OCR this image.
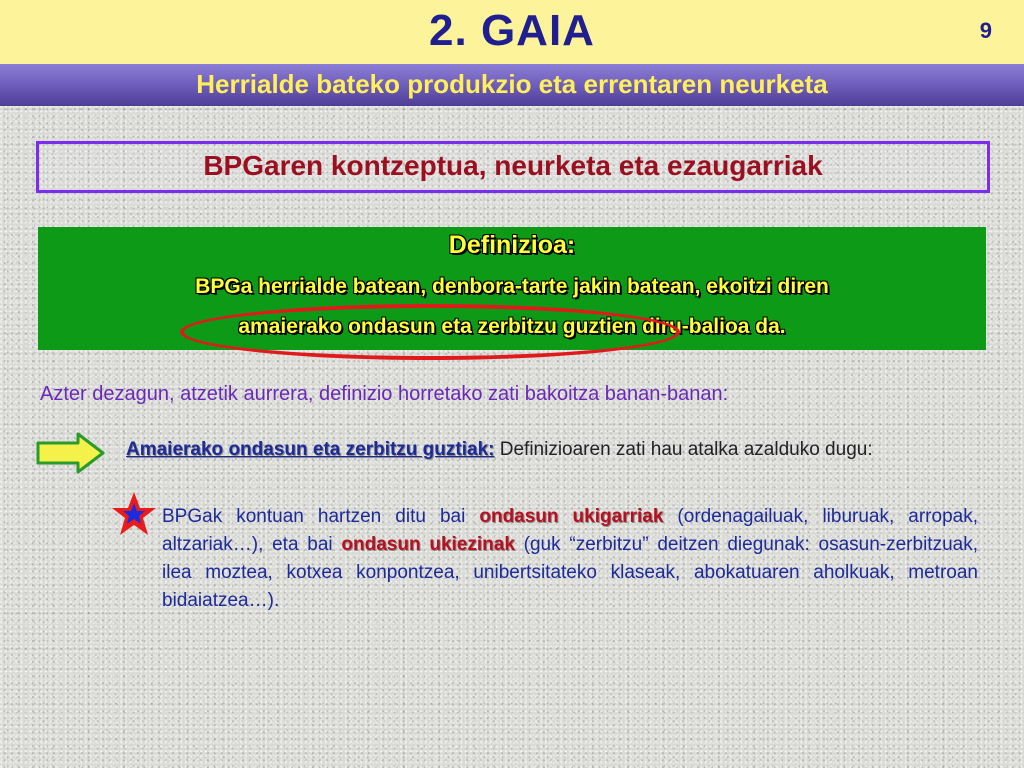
2. GAIA	9
Herrialde bateko produkzio eta errentaren neurketa
BPGaren kontzeptua, neurketa eta ezaugarriak
Definizioa:
BPGa herrialde batean, denbora-tarte jakin batean, ekoitzi diren
amaierako ondasun eta zerbitzu guztien diru-balioa da.
Azter dezagun, atzetik aurrera, definizio horretako zati bakoitza banan-banan:
Amaierako ondasun eta zerbitzu guztiak: Definizioaren zati hau atalka azalduko dugu:
BPGak kontuan hartzen ditu bai ondasun ukigarriak (ordenagailuak, liburuak, arropak, altzariak…), eta bai ondasun ukiezinak (guk “zerbitzu” deitzen diegunak: osasun-zerbitzuak, ilea moztea, kotxea konpontzea, unibertsitateko klaseak, abokatuaren aholkuak, metroan bidaiatzea…).
